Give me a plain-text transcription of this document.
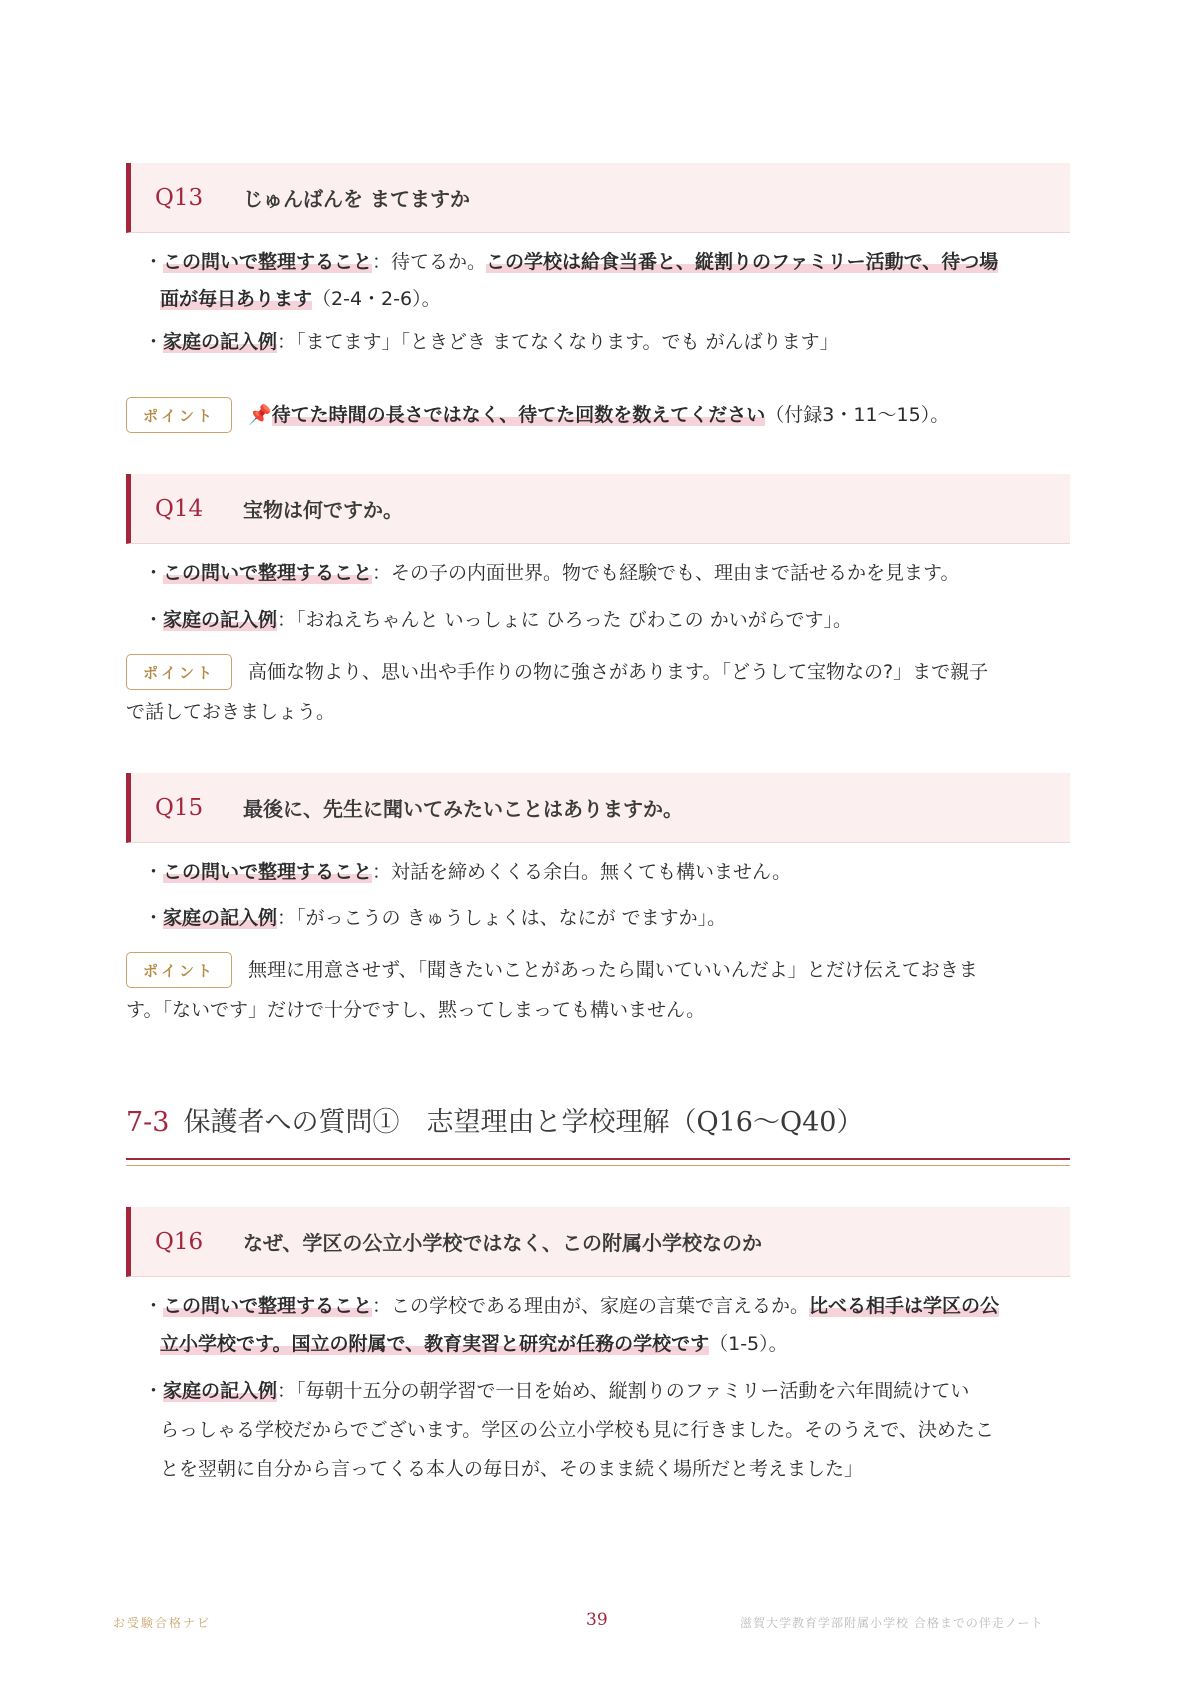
Q13	じゅんばんを まてますか
・この問いで整理すること：待てるか。この学校は給食当番と、縦割りのファミリー活動で、待つ場
面が毎日あります（2-4・2-6）。
・家庭の記入例：「まてます」「ときどき まてなくなります。でも がんばります」
ポイント	📌待てた時間の長さではなく、待てた回数を数えてください（付録3・11〜15）。
Q14	宝物は何ですか。
・この問いで整理すること：その子の内面世界。物でも経験でも、理由まで話せるかを見ます。
・家庭の記入例：「おねえちゃんと いっしょに ひろった びわこの かいがらです」。
ポイント	高価な物より、思い出や手作りの物に強さがあります。「どうして宝物なの?」まで親子
で話しておきましょう。
Q15	最後に、先生に聞いてみたいことはありますか。
・この問いで整理すること：対話を締めくくる余白。無くても構いません。
・家庭の記入例：「がっこうの きゅうしょくは、なにが でますか」。
ポイント	無理に用意させず、「聞きたいことがあったら聞いていいんだよ」とだけ伝えておきま
す。「ないです」だけで十分ですし、黙ってしまっても構いません。
7-3 保護者への質問①　志望理由と学校理解（Q16〜Q40）
Q16	なぜ、学区の公立小学校ではなく、この附属小学校なのか
・この問いで整理すること：この学校である理由が、家庭の言葉で言えるか。比べる相手は学区の公
立小学校です。国立の附属で、教育実習と研究が任務の学校です（1-5）。
・家庭の記入例：「毎朝十五分の朝学習で一日を始め、縦割りのファミリー活動を六年間続けてい
らっしゃる学校だからでございます。学区の公立小学校も見に行きました。そのうえで、決めたこ
とを翌朝に自分から言ってくる本人の毎日が、そのまま続く場所だと考えました」
お受験合格ナビ	39	滋賀大学教育学部附属小学校 合格までの伴走ノート
